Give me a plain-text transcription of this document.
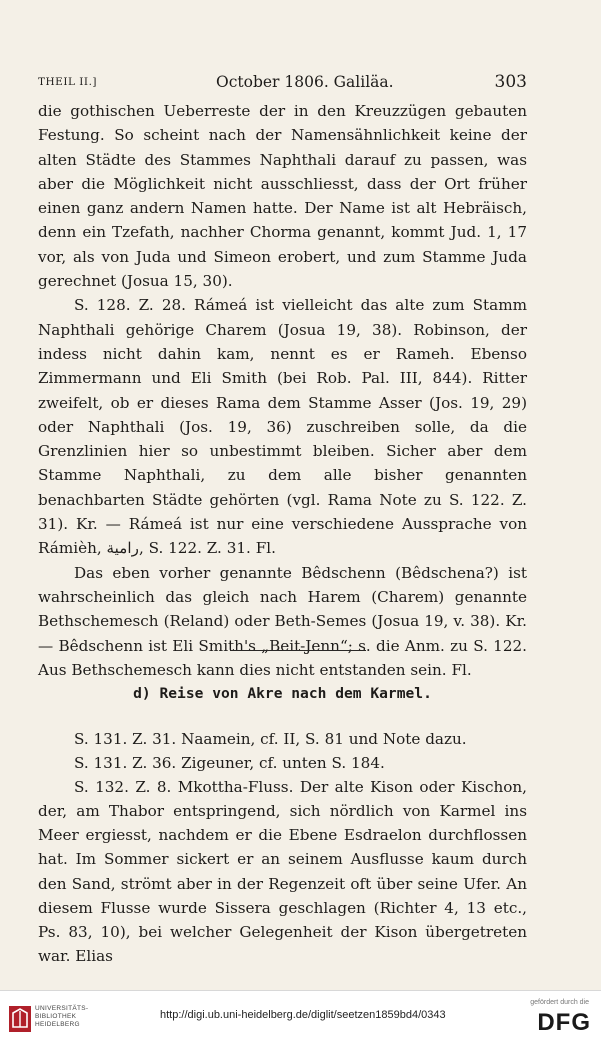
THEIL II.]	October 1806. Galiläa.	303

die gothischen Ueberreste der in den Kreuzzügen gebauten Festung. So scheint nach der Namensähnlichkeit keine der alten Städte des Stammes Naphthali darauf zu passen, was aber die Möglichkeit nicht ausschliesst, dass der Ort früher einen ganz andern Namen hatte. Der Name ist alt Hebräisch, denn ein Tzefath, nachher Chorma genannt, kommt Jud. 1, 17 vor, als von Juda und Simeon erobert, und zum Stamme Juda gerechnet (Josua 15, 30).

S. 128. Z. 28. Rámeá ist vielleicht das alte zum Stamm Naphthali gehörige Charem (Josua 19, 38). Robinson, der indess nicht dahin kam, nennt es er Rameh. Ebenso Zimmermann und Eli Smith (bei Rob. Pal. III, 844). Ritter zweifelt, ob er dieses Rama dem Stamme Asser (Jos. 19, 29) oder Naphthali (Jos. 19, 36) zuschreiben solle, da die Grenzlinien hier so unbestimmt bleiben. Sicher aber dem Stamme Naphthali, zu dem alle bisher genannten benachbarten Städte gehörten (vgl. Rama Note zu S. 122. Z. 31). Kr. — Rámeá ist nur eine verschiedene Aussprache von Rámièh, رامية, S. 122. Z. 31. Fl.

Das eben vorher genannte Bêdschenn (Bêdschena?) ist wahrscheinlich das gleich nach Harem (Charem) genannte Bethschemesch (Reland) oder Beth-Semes (Josua 19, v. 38). Kr. — Bêdschenn ist Eli Smith's „Beit-Jenn“; s. die Anm. zu S. 122. Aus Bethschemesch kann dies nicht entstanden sein. Fl.

d) Reise von Akre nach dem Karmel.

S. 131. Z. 31. Naamein, cf. II, S. 81 und Note dazu.

S. 131. Z. 36. Zigeuner, cf. unten S. 184.

S. 132. Z. 8. Mkottha-Fluss. Der alte Kison oder Kischon, der, am Thabor entspringend, sich nördlich von Karmel ins Meer ergiesst, nachdem er die Ebene Esdraelon durchflossen hat. Im Sommer sickert er an seinem Ausflusse kaum durch den Sand, strömt aber in der Regenzeit oft über seine Ufer. An diesem Flusse wurde Sissera geschlagen (Richter 4, 13 etc., Ps. 83, 10), bei welcher Gelegenheit der Kison übergetreten war. Elias

UNIVERSITÄTS-
BIBLIOTHEK
HEIDELBERG
http://digi.ub.uni-heidelberg.de/diglit/seetzen1859bd4/0343
gefördert durch die
DFG
